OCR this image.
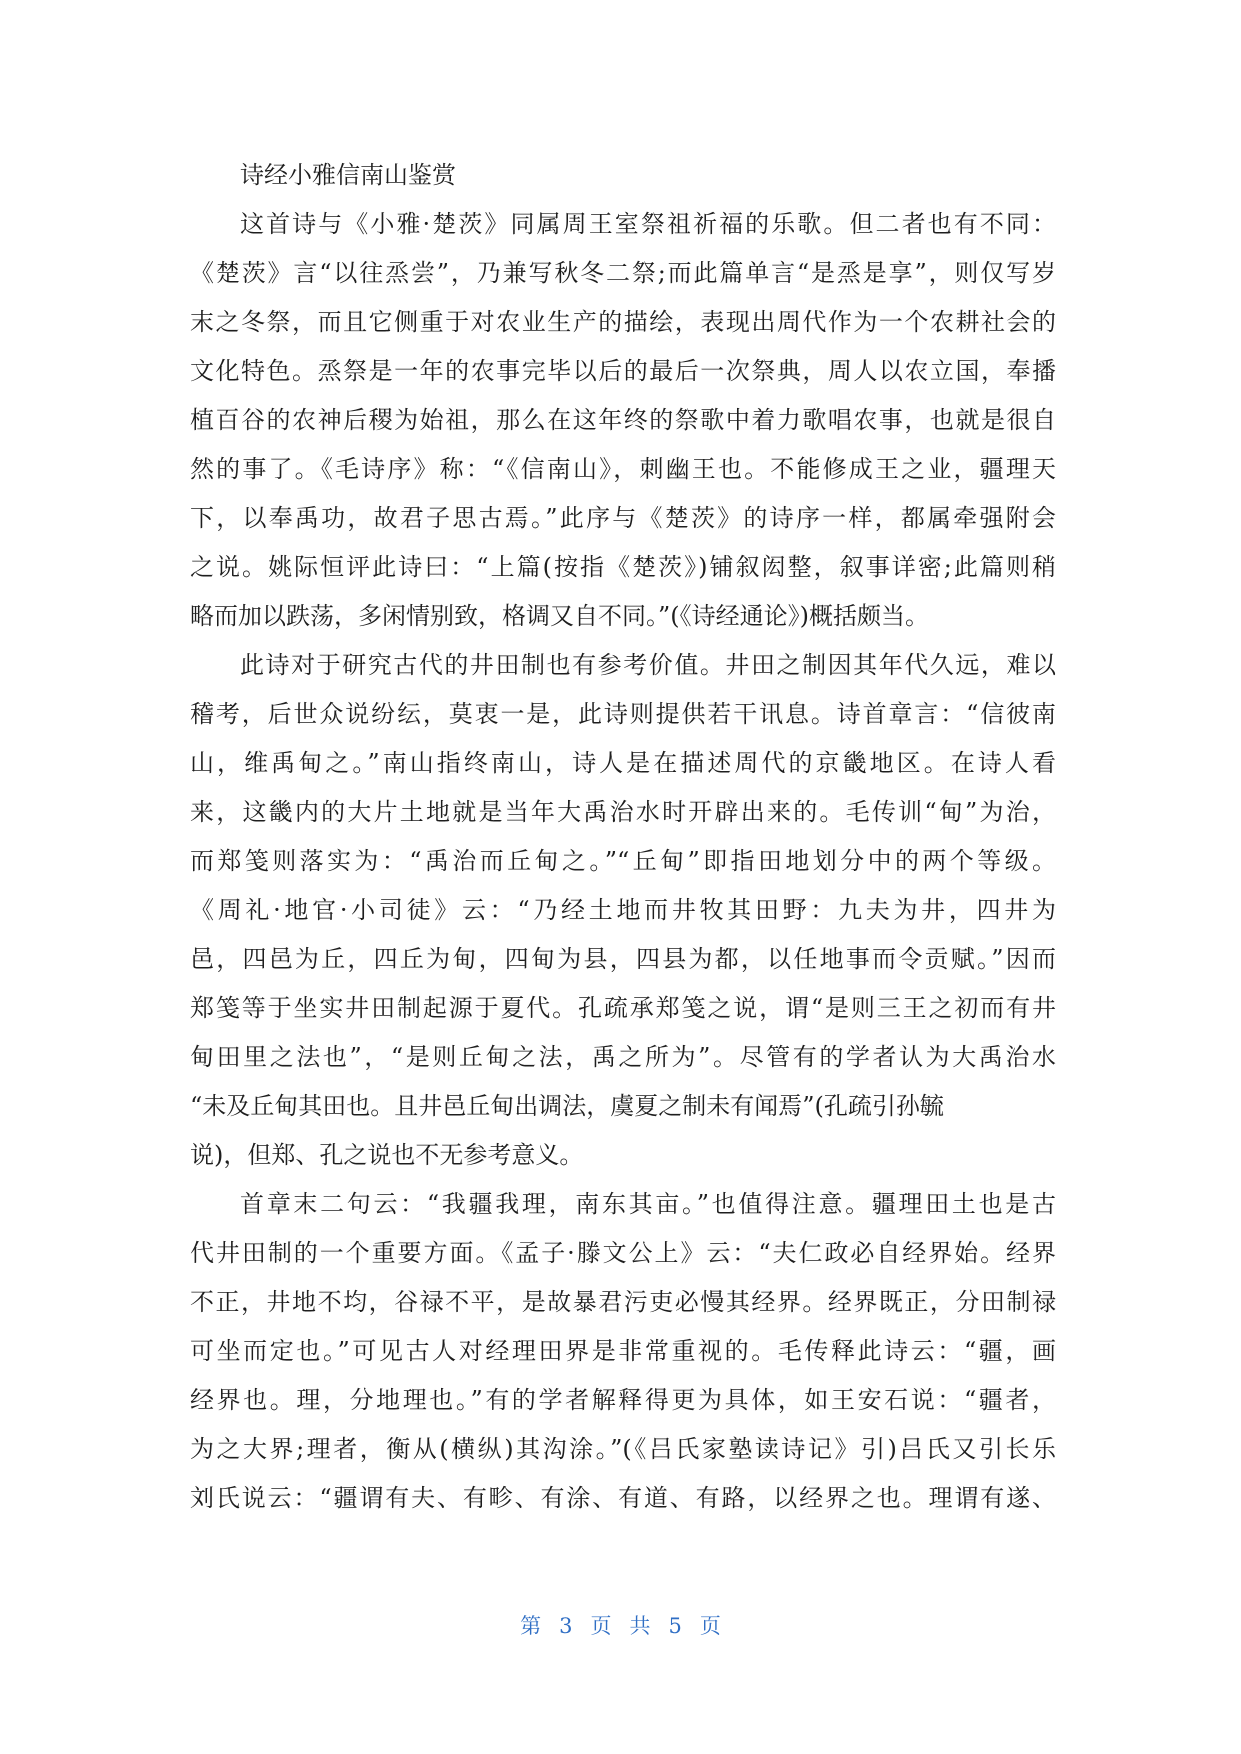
诗经小雅信南山鉴赏
这首诗与《小雅·楚茨》同属周王室祭祖祈福的乐歌。但二者也有不同：
《楚茨》言“以往烝尝”，乃兼写秋冬二祭;而此篇单言“是烝是享”，则仅写岁
末之冬祭，而且它侧重于对农业生产的描绘，表现出周代作为一个农耕社会的
文化特色。烝祭是一年的农事完毕以后的最后一次祭典，周人以农立国，奉播
植百谷的农神后稷为始祖，那么在这年终的祭歌中着力歌唱农事，也就是很自
然的事了。《毛诗序》称：“《信南山》，刺幽王也。不能修成王之业，疆理天
下，以奉禹功，故君子思古焉。”此序与《楚茨》的诗序一样，都属牵强附会
之说。姚际恒评此诗曰：“上篇(按指《楚茨》)铺叙闳整，叙事详密;此篇则稍
略而加以跌荡，多闲情别致，格调又自不同。”(《诗经通论》)概括颇当。
此诗对于研究古代的井田制也有参考价值。井田之制因其年代久远，难以
稽考，后世众说纷纭，莫衷一是，此诗则提供若干讯息。诗首章言：“信彼南
山，维禹甸之。”南山指终南山，诗人是在描述周代的京畿地区。在诗人看
来，这畿内的大片土地就是当年大禹治水时开辟出来的。毛传训“甸”为治，
而郑笺则落实为：“禹治而丘甸之。”“丘甸”即指田地划分中的两个等级。
《周礼·地官·小司徒》云：“乃经土地而井牧其田野：九夫为井，四井为
邑，四邑为丘，四丘为甸，四甸为县，四县为都，以任地事而令贡赋。”因而
郑笺等于坐实井田制起源于夏代。孔疏承郑笺之说，谓“是则三王之初而有井
甸田里之法也”，“是则丘甸之法，禹之所为”。尽管有的学者认为大禹治水
“未及丘甸其田也。且井邑丘甸出调法，虞夏之制未有闻焉”(孔疏引孙毓
说)，但郑、孔之说也不无参考意义。
首章末二句云：“我疆我理，南东其亩。”也值得注意。疆理田土也是古
代井田制的一个重要方面。《孟子·滕文公上》云：“夫仁政必自经界始。经界
不正，井地不均，谷禄不平，是故暴君污吏必慢其经界。经界既正，分田制禄
可坐而定也。”可见古人对经理田界是非常重视的。毛传释此诗云：“疆，画
经界也。理，分地理也。”有的学者解释得更为具体，如王安石说：“疆者，
为之大界;理者，衡从(横纵)其沟涂。”(《吕氏家塾读诗记》引)吕氏又引长乐
刘氏说云：“疆谓有夫、有畛、有涂、有道、有路，以经界之也。理谓有遂、
第 3 页共 5 页
